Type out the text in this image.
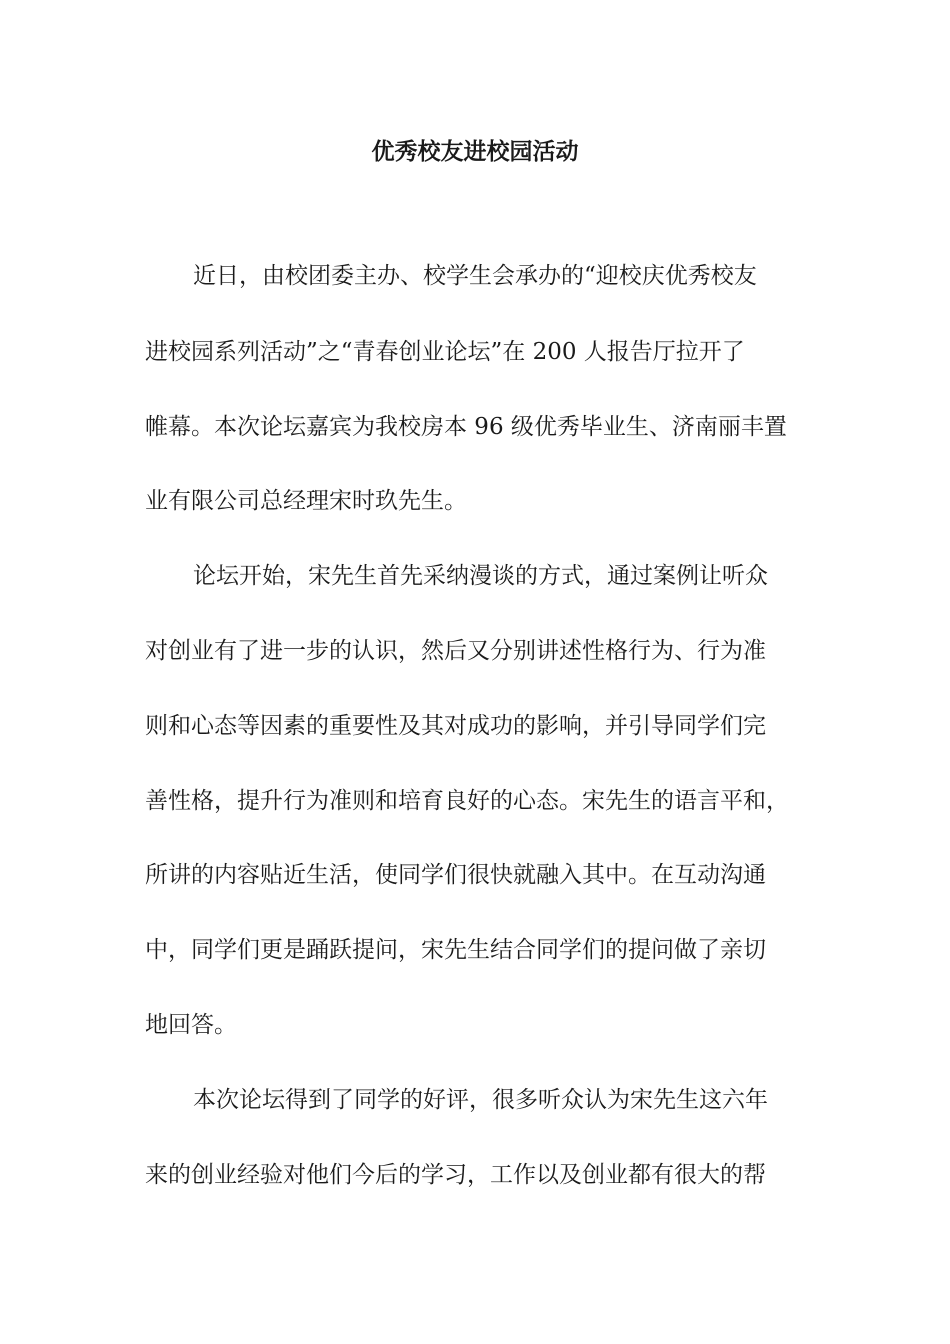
优秀校友进校园活动

近日，由校团委主办、校学生会承办的“迎校庆优秀校友

进校园系列活动”之“青春创业论坛”在 200 人报告厅拉开了

帷幕。本次论坛嘉宾为我校房本 96 级优秀毕业生、济南丽丰置

业有限公司总经理宋时玖先生。

论坛开始，宋先生首先采纳漫谈的方式，通过案例让听众

对创业有了进一步的认识，然后又分别讲述性格行为、行为准

则和心态等因素的重要性及其对成功的影响，并引导同学们完

善性格，提升行为准则和培育良好的心态。宋先生的语言平和，

所讲的内容贴近生活，使同学们很快就融入其中。在互动沟通

中，同学们更是踊跃提问，宋先生结合同学们的提问做了亲切

地回答。

本次论坛得到了同学的好评，很多听众认为宋先生这六年

来的创业经验对他们今后的学习，工作以及创业都有很大的帮
